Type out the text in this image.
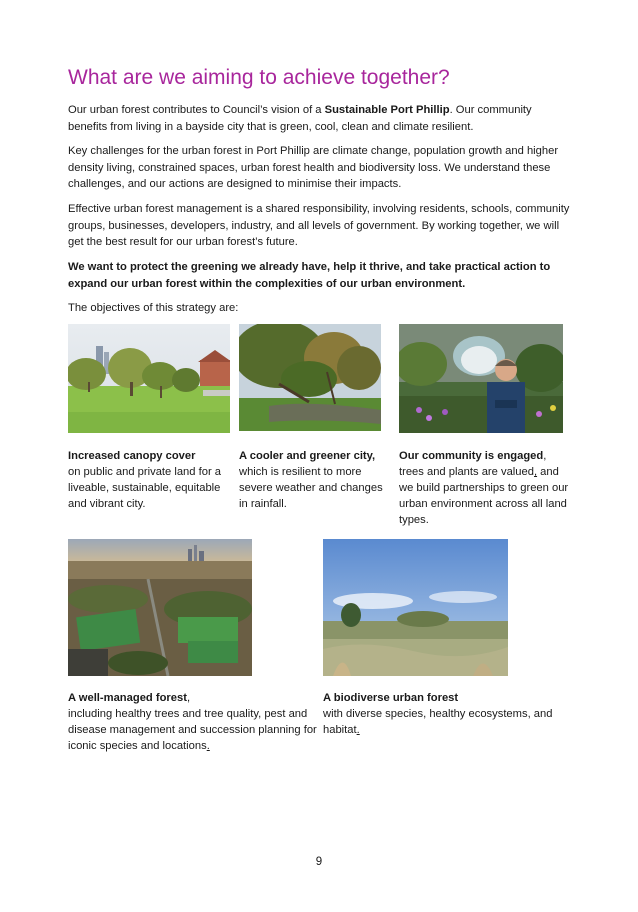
What are we aiming to achieve together?

Our urban forest contributes to Council’s vision of a Sustainable Port Phillip. Our community benefits from living in a bayside city that is green, cool, clean and climate resilient.

Key challenges for the urban forest in Port Phillip are climate change, population growth and higher density living, constrained spaces, urban forest health and biodiversity loss. We understand these challenges, and our actions are designed to minimise their impacts.

Effective urban forest management is a shared responsibility, involving residents, schools, community groups, businesses, developers, industry, and all levels of government. By working together, we will get the best result for our urban forest’s future.

We want to protect the greening we already have, help it thrive, and take practical action to expand our urban forest within the complexities of our urban environment.

The objectives of this strategy are:

Increased canopy cover
on public and private land for a liveable, sustainable, equitable and vibrant city.

A cooler and greener city,
which is resilient to more severe weather and changes in rainfall.

Our community is engaged,
trees and plants are valued, and we build partnerships to green our urban environment across all land types.

A well-managed forest,
including healthy trees and tree quality, pest and disease management and succession planning for iconic species and locations.

A biodiverse urban forest
with diverse species, healthy ecosystems, and habitat.

9
